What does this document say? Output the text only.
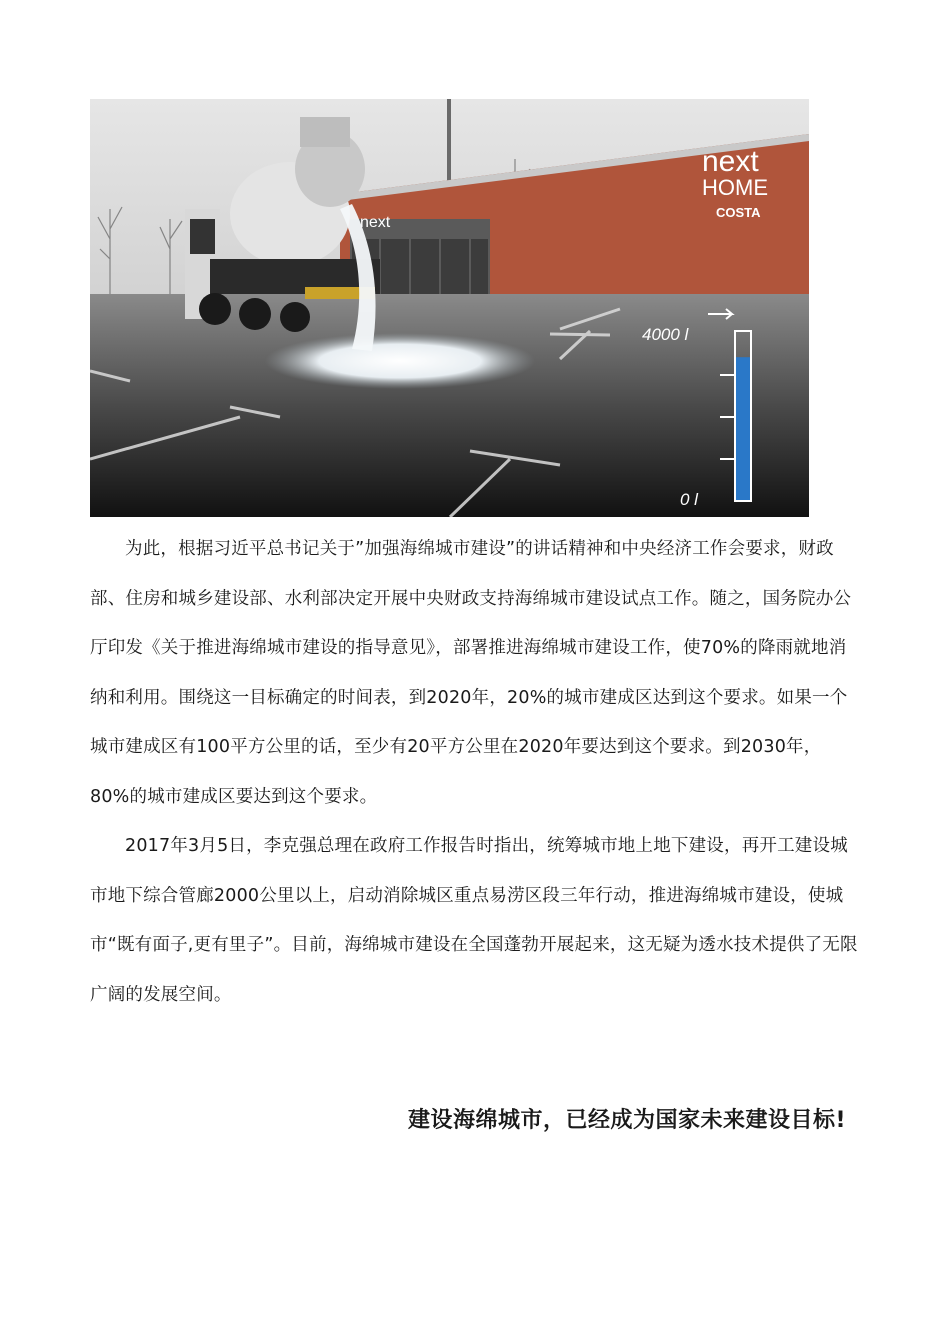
next
next
HOME
COSTA
4000 l
0 l

为此，根据习近平总书记关于”加强海绵城市建设”的讲话精神和中央经济工作会要求，财政部、住房和城乡建设部、水利部决定开展中央财政支持海绵城市建设试点工作。随之，国务院办公厅印发《关于推进海绵城市建设的指导意见》，部署推进海绵城市建设工作，使70%的降雨就地消纳和利用。围绕这一目标确定的时间表，到2020年，20%的城市建成区达到这个要求。如果一个城市建成区有100平方公里的话，至少有20平方公里在2020年要达到这个要求。到2030年，80%的城市建成区要达到这个要求。

2017年3月5日，李克强总理在政府工作报告时指出，统筹城市地上地下建设，再开工建设城市地下综合管廊2000公里以上，启动消除城区重点易涝区段三年行动，推进海绵城市建设，使城市“既有面子,更有里子”。目前，海绵城市建设在全国蓬勃开展起来，这无疑为透水技术提供了无限广阔的发展空间。

建设海绵城市，已经成为国家未来建设目标!
